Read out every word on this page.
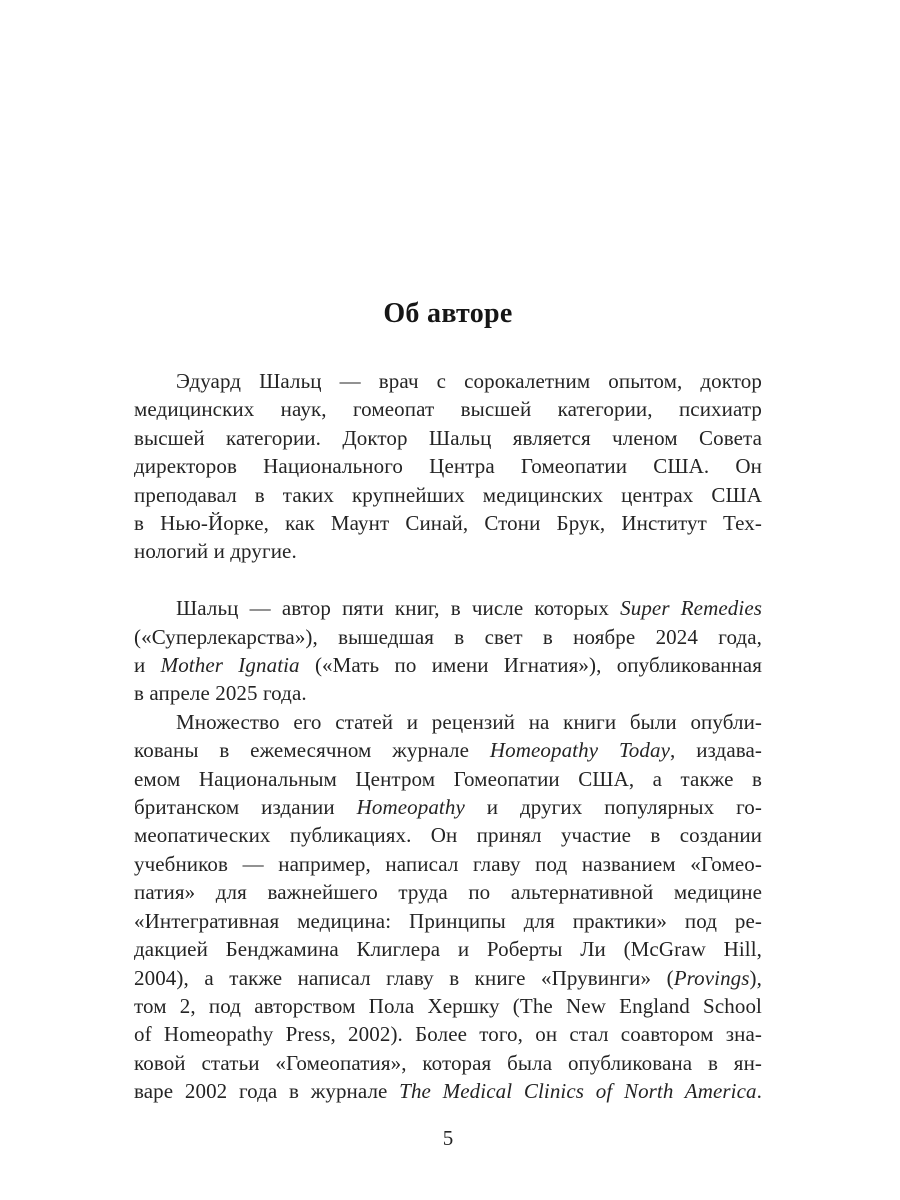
Об авторе
Эдуард Шальц — врач с сорокалетним опытом, доктор
медицинских наук, гомеопат высшей категории, психиатр
высшей категории. Доктор Шальц является членом Совета
директоров Национального Центра Гомеопатии США. Он
преподавал в таких крупнейших медицинских центрах США
в Нью-Йорке, как Маунт Синай, Стони Брук, Институт Тех-
нологий и другие.
Шальц — автор пяти книг, в числе которых Super Remedies
(«Суперлекарства»), вышедшая в свет в ноябре 2024 года,
и Mother Ignatia («Мать по имени Игнатия»), опубликованная
в апреле 2025 года.
Множество его статей и рецензий на книги были опубли-
кованы в ежемесячном журнале Homeopathy Today, издава-
емом Национальным Центром Гомеопатии США, а также в
британском издании Homeopathy и других популярных го-
меопатических публикациях. Он принял участие в создании
учебников — например, написал главу под названием «Гомео-
патия» для важнейшего труда по альтернативной медицине
«Интегративная медицина: Принципы для практики» под ре-
дакцией Бенджамина Клиглера и Роберты Ли (McGraw Hill,
2004), а также написал главу в книге «Прувинги» (Provings),
том 2, под авторством Пола Хершку (The New England School
of Homeopathy Press, 2002). Более того, он стал соавтором зна-
ковой статьи «Гомеопатия», которая была опубликована в ян-
варе 2002 года в журнале The Medical Clinics of North America.
5
